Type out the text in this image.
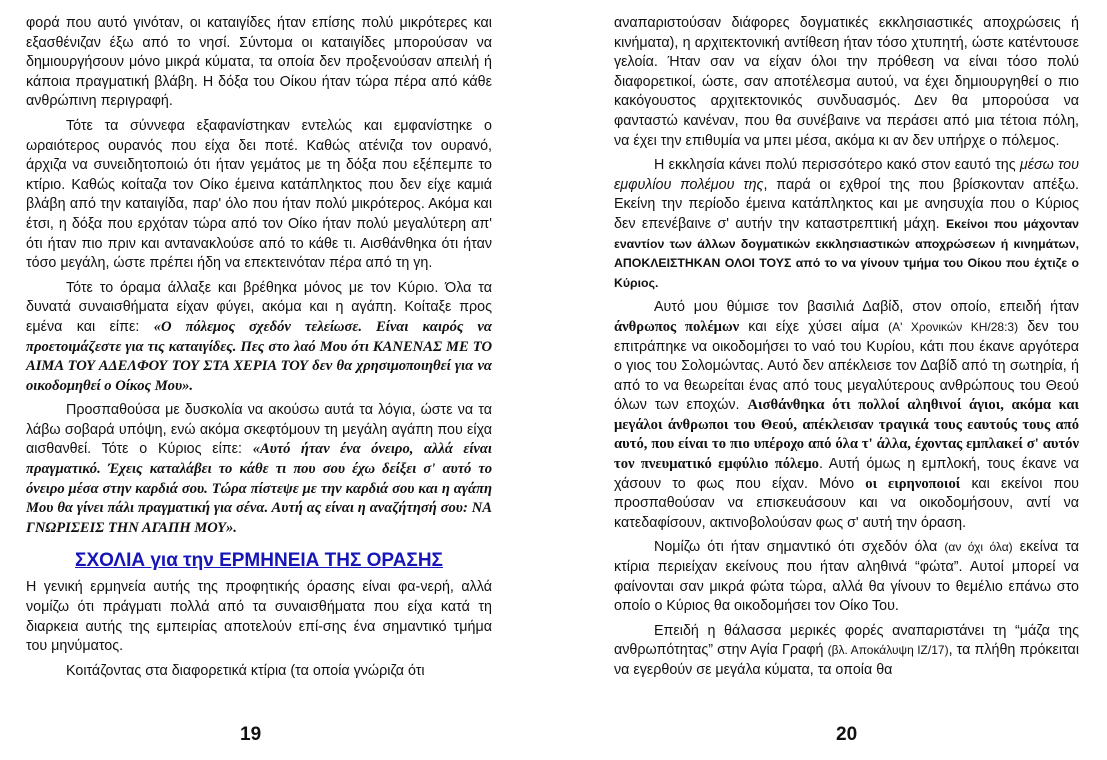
φορά που αυτό γινόταν, οι καταιγίδες ήταν επίσης πολύ μικρότερες και εξασθένιζαν έξω από το νησί. Σύντομα οι καταιγίδες μπορούσαν να δημιουργήσουν μόνο μικρά κύματα, τα οποία δεν προξενούσαν απειλή ή κάποια πραγματική βλάβη. Η δόξα του Οίκου ήταν τώρα πέρα από κάθε ανθρώπινη περιγραφή.

Τότε τα σύννεφα εξαφανίστηκαν εντελώς και εμφανίστηκε ο ωραιότερος ουρανός που είχα δει ποτέ. Καθώς ατένιζα τον ουρανό, άρχιζα να συνειδητοποιώ ότι ήταν γεμάτος με τη δόξα που εξέπεμπε το κτίριο. Καθώς κοίταζα τον Οίκο έμεινα κατάπληκτος που δεν είχε καμιά βλάβη από την καταιγίδα, παρ' όλο που ήταν πολύ μικρότερος. Ακόμα και έτσι, η δόξα που ερχόταν τώρα από τον Οίκο ήταν πολύ μεγαλύτερη απ' ότι ήταν πιο πριν και αντανακλούσε από το κάθε τι. Αισθάνθηκα ότι ήταν τόσο μεγάλη, ώστε πρέπει ήδη να επεκτεινόταν πέρα από τη γη.

Τότε το όραμα άλλαξε και βρέθηκα μόνος με τον Κύριο. Όλα τα δυνατά συναισθήματα είχαν φύγει, ακόμα και η αγάπη. Κοίταξε προς εμένα και είπε: «Ο πόλεμος σχεδόν τελείωσε. Είναι καιρός να προετοιμάζεστε για τις καταιγίδες. Πες στο λαό Μου ότι ΚΑΝΕΝΑΣ ΜΕ ΤΟ ΑΙΜΑ ΤΟΥ ΑΔΕΛΦΟΥ ΤΟΥ ΣΤΑ ΧΕΡΙΑ ΤΟΥ δεν θα χρησιμοποιηθεί για να οικοδομηθεί ο Οίκος Μου».

Προσπαθούσα με δυσκολία να ακούσω αυτά τα λόγια, ώστε να τα λάβω σοβαρά υπόψη, ενώ ακόμα σκεφτόμουν τη μεγάλη αγάπη που είχα αισθανθεί. Τότε ο Κύριος είπε: «Αυτό ήταν ένα όνειρο, αλλά είναι πραγματικό. Έχεις καταλάβει το κάθε τι που σου έχω δείξει σ' αυτό το όνειρο μέσα στην καρδιά σου. Τώρα πίστεψε με την καρδιά σου και η αγάπη Μου θα γίνει πάλι πραγματική για σένα. Αυτή ας είναι η αναζήτησή σου: ΝΑ ΓΝΩΡΙΣΕΙΣ ΤΗΝ ΑΓΑΠΗ ΜΟΥ».

ΣΧΟΛΙΑ για την ΕΡΜΗΝΕΙΑ ΤΗΣ ΟΡΑΣΗΣ

Η γενική ερμηνεία αυτής της προφητικής όρασης είναι φα-νερή, αλλά νομίζω ότι πράγματι πολλά από τα συναισθήματα που είχα κατά τη διαρκεια αυτής της εμπειρίας αποτελούν επί-σης ένα σημαντικό τμήμα του μηνύματος.

Κοιτάζοντας στα διαφορετικά κτίρια (τα οποία γνώριζα ότι

αναπαριστούσαν διάφορες δογματικές εκκλησιαστικές αποχρώσεις ή κινήματα), η αρχιτεκτονική αντίθεση ήταν τόσο χτυπητή, ώστε κατέντουσε γελοία. Ήταν σαν να είχαν όλοι την πρόθεση να είναι τόσο πολύ διαφορετικοί, ώστε, σαν αποτέλεσμα αυτού, να έχει δημιουργηθεί ο πιο κακόγουστος αρχιτεκτονικός συνδυασμός. Δεν θα μπορούσα να φανταστώ κανέναν, που θα συνέβαινε να περάσει από μια τέτοια πόλη, να έχει την επιθυμία να μπει μέσα, ακόμα κι αν δεν υπήρχε ο πόλεμος.

Η εκκλησία κάνει πολύ περισσότερο κακό στον εαυτό της μέσω του εμφυλίου πολέμου της, παρά οι εχθροί της που βρίσκονταν απέξω. Εκείνη την περίοδο έμεινα κατάπληκτος και με ανησυχία που ο Κύριος δεν επενέβαινε σ' αυτήν την καταστρεπτική μάχη. Εκείνοι που μάχονταν εναντίον των άλλων δογματικών εκκλησιαστικών αποχρώσεων ή κινημάτων, ΑΠΟΚΛΕΙΣΤΗΚΑΝ ΟΛΟΙ ΤΟΥΣ από το να γίνουν τμήμα του Οίκου που έχτιζε ο Κύριος.

Αυτό μου θύμισε τον βασιλιά Δαβίδ, στον οποίο, επειδή ήταν άνθρωπος πολέμων και είχε χύσει αίμα (Α' Χρονικών ΚΗ/28:3) δεν του επιτράπηκε να οικοδομήσει το ναό του Κυρίου, κάτι που έκανε αργότερα ο γιος του Σολομώντας. Αυτό δεν απέκλεισε τον Δαβίδ από τη σωτηρία, ή από το να θεωρείται ένας από τους μεγαλύτερους ανθρώπους του Θεού όλων των εποχών. Αισθάνθηκα ότι πολλοί αληθινοί άγιοι, ακόμα και μεγάλοι άνθρωποι του Θεού, απέκλεισαν τραγικά τους εαυτούς τους από αυτό, που είναι το πιο υπέροχο από όλα τ' άλλα, έχοντας εμπλακεί σ' αυτόν τον πνευματικό εμφύλιο πόλεμο. Αυτή όμως η εμπλοκή, τους έκανε να χάσουν το φως που είχαν. Μόνο οι ειρηνοποιοί και εκείνοι που προσπαθούσαν να επισκευάσουν και να οικοδομήσουν, αντί να κατεδαφίσουν, ακτινοβολούσαν φως σ' αυτή την όραση.

Νομίζω ότι ήταν σημαντικό ότι σχεδόν όλα (αν όχι όλα) εκείνα τα κτίρια περιείχαν εκείνους που ήταν αληθινά “φώτα”. Αυτοί μπορεί να φαίνονται σαν μικρά φώτα τώρα, αλλά θα γίνουν το θεμέλιο επάνω στο οποίο ο Κύριος θα οικοδομήσει τον Οίκο Του.

Επειδή η θάλασσα μερικές φορές αναπαριστάνει τη “μάζα της ανθρωπότητας” στην Αγία Γραφή (βλ. Αποκάλυψη ΙΖ/17), τα πλήθη πρόκειται να εγερθούν σε μεγάλα κύματα, τα οποία θα

19	20
